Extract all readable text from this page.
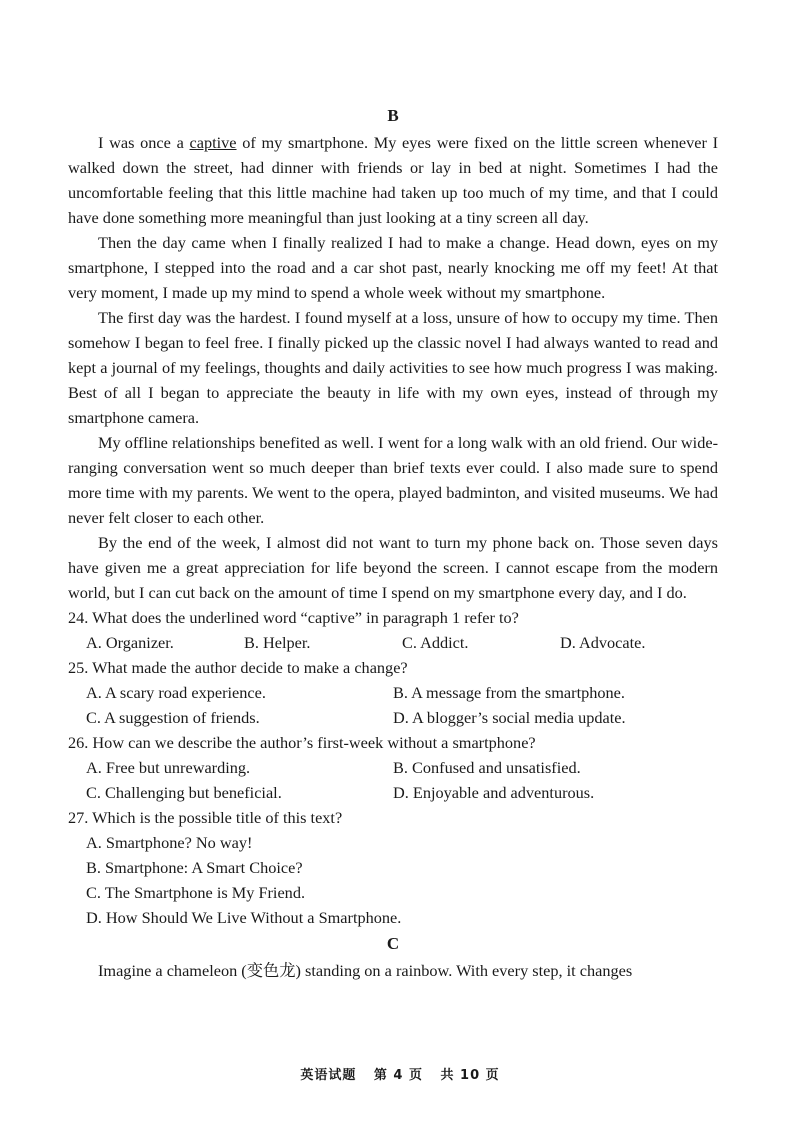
B

I was once a captive of my smartphone. My eyes were fixed on the little screen whenever I walked down the street, had dinner with friends or lay in bed at night. Sometimes I had the uncomfortable feeling that this little machine had taken up too much of my time, and that I could have done something more meaningful than just looking at a tiny screen all day.

Then the day came when I finally realized I had to make a change. Head down, eyes on my smartphone, I stepped into the road and a car shot past, nearly knocking me off my feet! At that very moment, I made up my mind to spend a whole week without my smartphone.

The first day was the hardest. I found myself at a loss, unsure of how to occupy my time. Then somehow I began to feel free. I finally picked up the classic novel I had always wanted to read and kept a journal of my feelings, thoughts and daily activities to see how much progress I was making. Best of all I began to appreciate the beauty in life with my own eyes, instead of through my smartphone camera.

My offline relationships benefited as well. I went for a long walk with an old friend. Our wide-ranging conversation went so much deeper than brief texts ever could. I also made sure to spend more time with my parents. We went to the opera, played badminton, and visited museums. We had never felt closer to each other.

By the end of the week, I almost did not want to turn my phone back on. Those seven days have given me a great appreciation for life beyond the screen. I cannot escape from the modern world, but I can cut back on the amount of time I spend on my smartphone every day, and I do.

24. What does the underlined word “captive” in paragraph 1 refer to?

A. Organizer.	B. Helper.	C. Addict.	D. Advocate.

25. What made the author decide to make a change?

A. A scary road experience.	B. A message from the smartphone.
C. A suggestion of friends.	D. A blogger’s social media update.

26. How can we describe the author’s first-week without a smartphone?

A. Free but unrewarding.	B. Confused and unsatisfied.
C. Challenging but beneficial.	D. Enjoyable and adventurous.

27. Which is the possible title of this text?

A. Smartphone? No way!
B. Smartphone: A Smart Choice?
C. The Smartphone is My Friend.
D. How Should We Live Without a Smartphone.
C

Imagine a chameleon (变色龙) standing on a rainbow. With every step, it changes

英语试题 第 4 页 共 10 页
